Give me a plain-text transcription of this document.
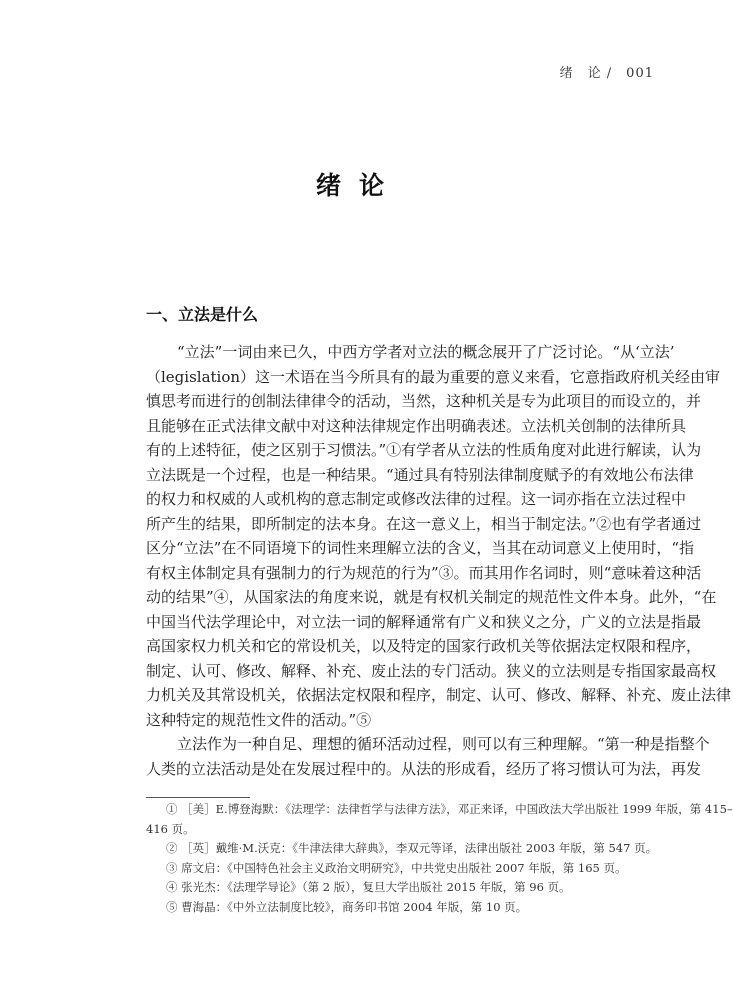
绪　论 /　001
绪论
一、立法是什么
“立法”一词由来已久，中西方学者对立法的概念展开了广泛讨论。“从‘立法’
（legislation）这一术语在当今所具有的最为重要的意义来看，它意指政府机关经由审
慎思考而进行的创制法律律令的活动，当然，这种机关是专为此项目的而设立的，并
且能够在正式法律文献中对这种法律规定作出明确表述。立法机关创制的法律所具
有的上述特征，使之区别于习惯法。”①有学者从立法的性质角度对此进行解读，认为
立法既是一个过程，也是一种结果。“通过具有特别法律制度赋予的有效地公布法律
的权力和权威的人或机构的意志制定或修改法律的过程。这一词亦指在立法过程中
所产生的结果，即所制定的法本身。在这一意义上，相当于制定法。”②也有学者通过
区分“立法”在不同语境下的词性来理解立法的含义，当其在动词意义上使用时，“指
有权主体制定具有强制力的行为规范的行为”③。而其用作名词时，则“意味着这种活
动的结果”④，从国家法的角度来说，就是有权机关制定的规范性文件本身。此外，“在
中国当代法学理论中，对立法一词的解释通常有广义和狭义之分，广义的立法是指最
高国家权力机关和它的常设机关，以及特定的国家行政机关等依据法定权限和程序，
制定、认可、修改、解释、补充、废止法的专门活动。狭义的立法则是专指国家最高权
力机关及其常设机关，依据法定权限和程序，制定、认可、修改、解释、补充、废止法律
这种特定的规范性文件的活动。”⑤
立法作为一种自足、理想的循环活动过程，则可以有三种理解。“第一种是指整个
人类的立法活动是处在发展过程中的。从法的形成看，经历了将习惯认可为法，再发
① ［美］E.博登海默：《法理学：法律哲学与法律方法》，邓正来译，中国政法大学出版社 1999 年版，第 415–
416 页。
② ［英］戴维·M.沃克：《牛津法律大辞典》，李双元等译，法律出版社 2003 年版，第 547 页。
③ 席文启：《中国特色社会主义政治文明研究》，中共党史出版社 2007 年版，第 165 页。
④ 张光杰：《法理学导论》（第 2 版），复旦大学出版社 2015 年版，第 96 页。
⑤ 曹海晶：《中外立法制度比较》，商务印书馆 2004 年版，第 10 页。
